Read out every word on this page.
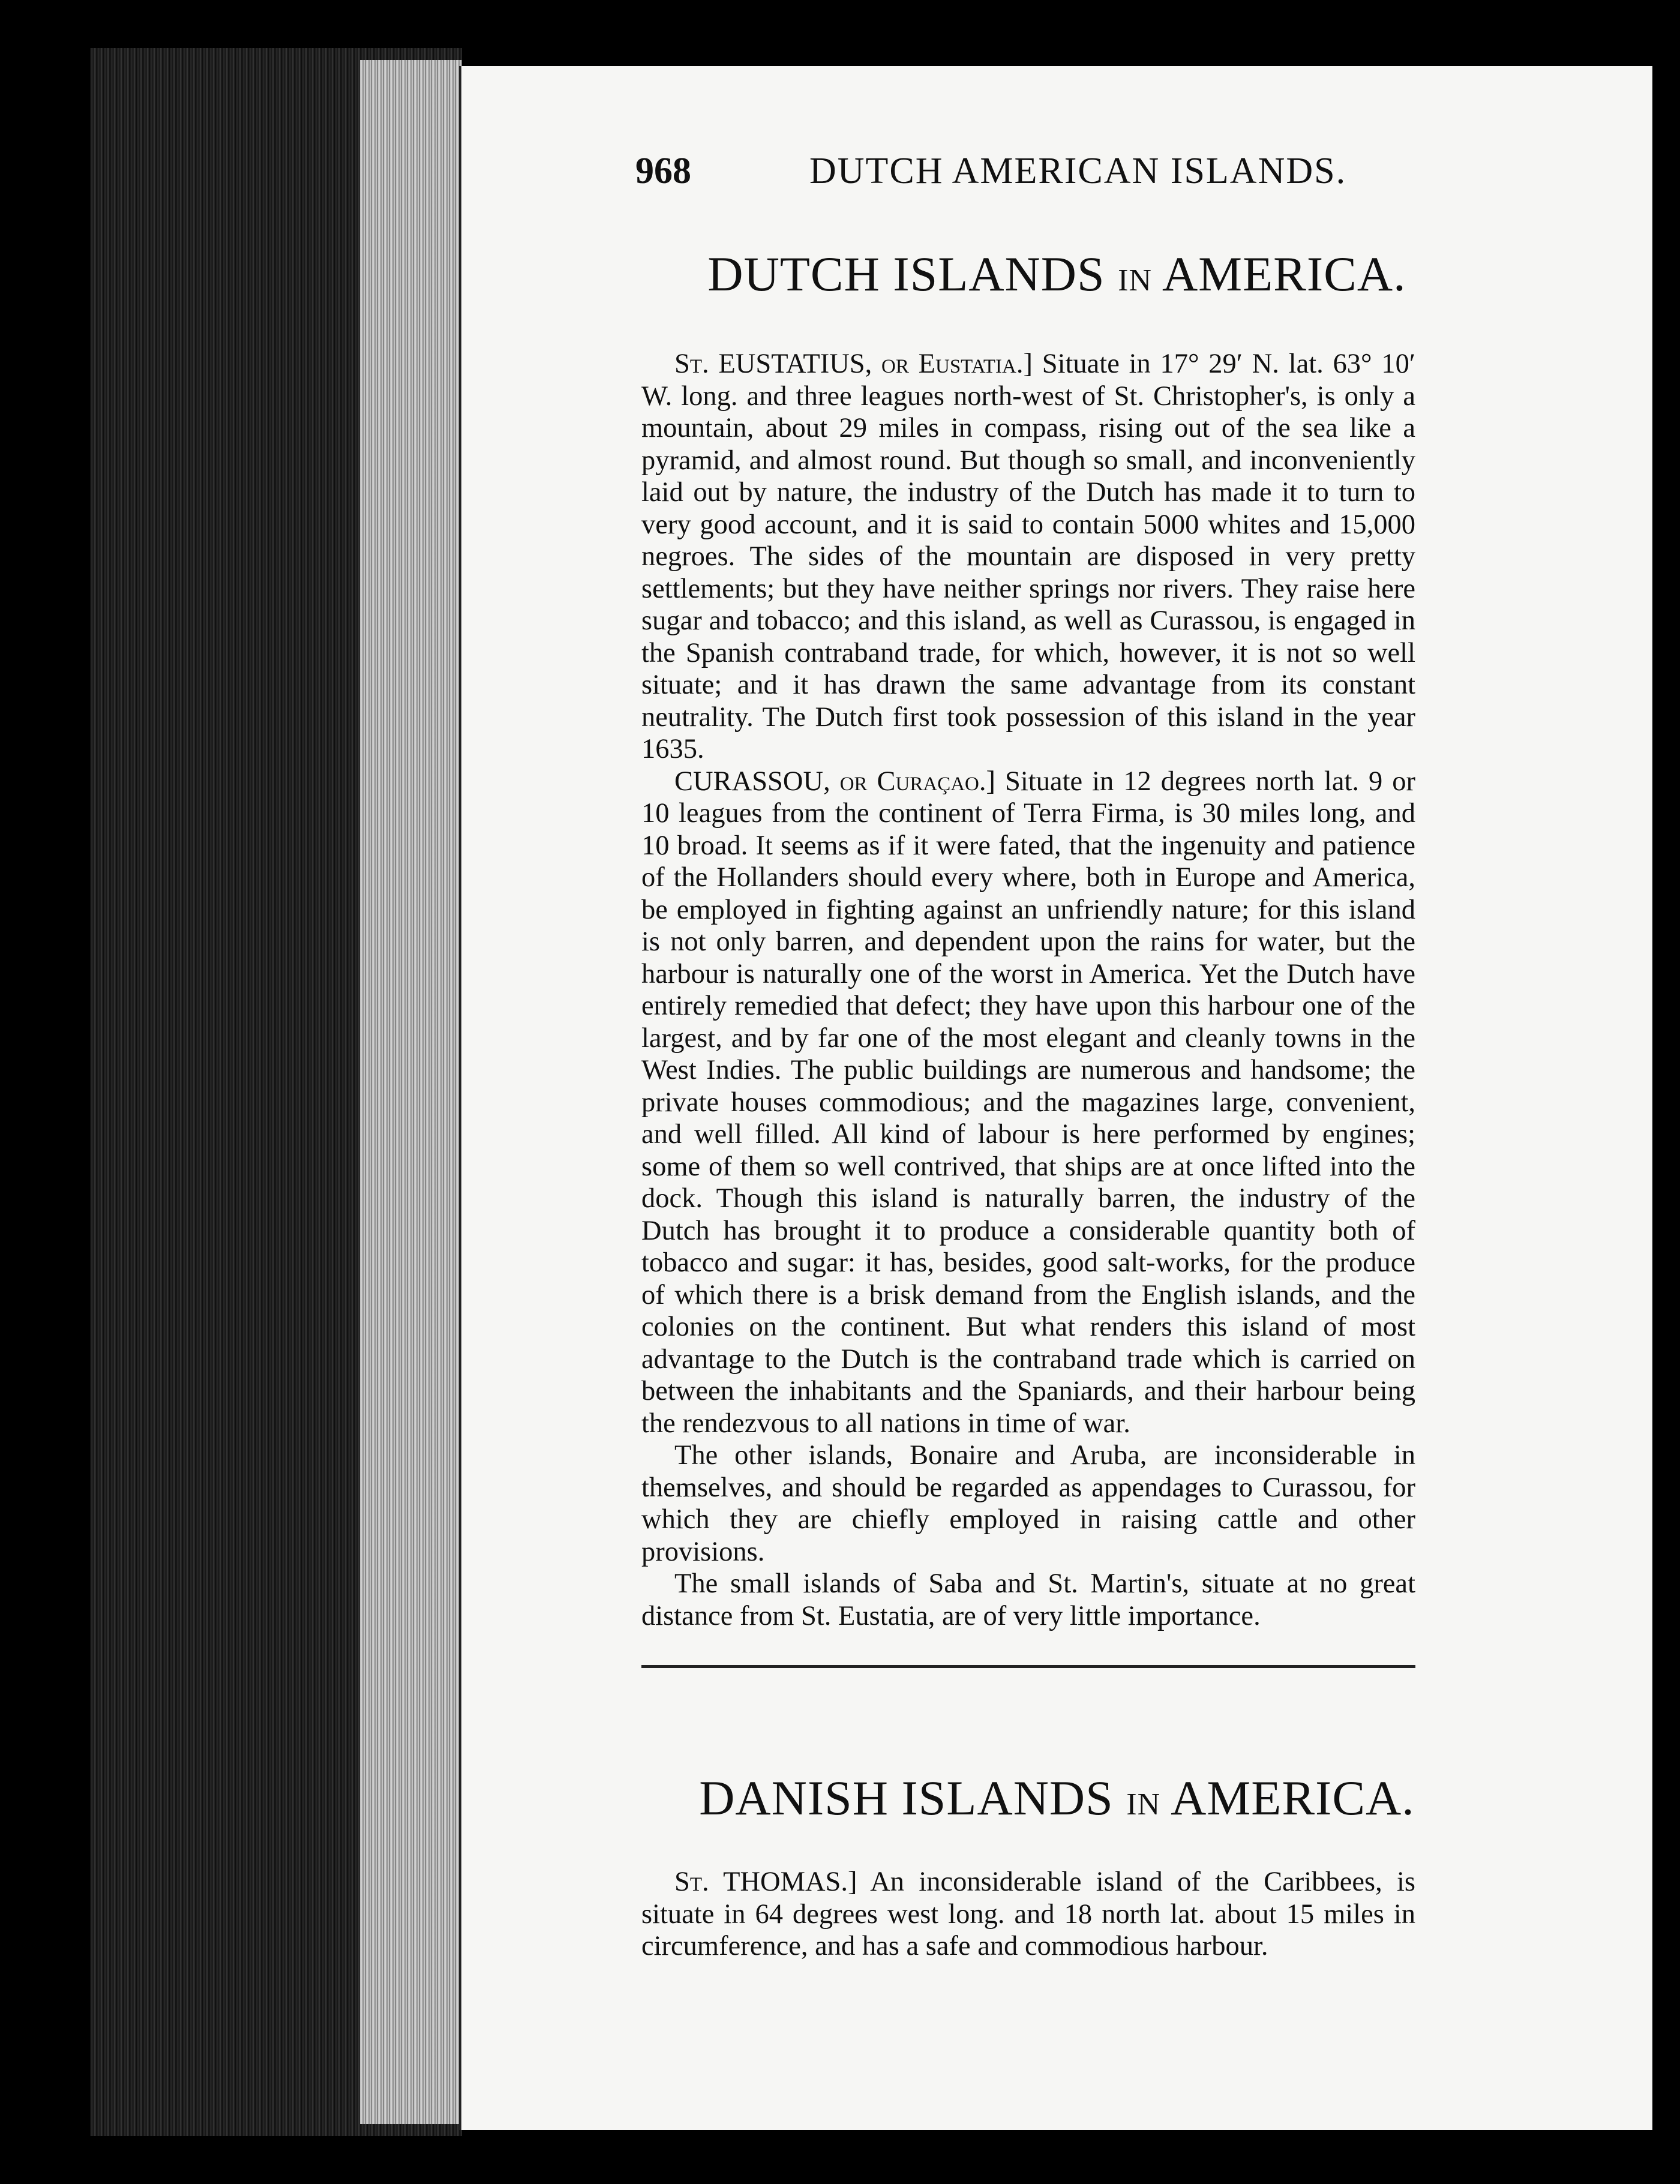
968	DUTCH AMERICAN ISLANDS.
DUTCH ISLANDS IN AMERICA.

St. EUSTATIUS, or Eustatia.] Situate in 17° 29′ N. lat. 63° 10′ W. long. and three leagues north-west of St. Christopher's, is only a mountain, about 29 miles in compass, rising out of the sea like a pyramid, and almost round. But though so small, and inconveniently laid out by nature, the industry of the Dutch has made it to turn to very good account, and it is said to contain 5000 whites and 15,000 negroes. The sides of the mountain are disposed in very pretty settlements; but they have neither springs nor rivers. They raise here sugar and tobacco; and this island, as well as Curassou, is engaged in the Spanish contraband trade, for which, however, it is not so well situate; and it has drawn the same advantage from its constant neutrality. The Dutch first took possession of this island in the year 1635.

CURASSOU, or Curaçao.] Situate in 12 degrees north lat. 9 or 10 leagues from the continent of Terra Firma, is 30 miles long, and 10 broad. It seems as if it were fated, that the ingenuity and patience of the Hollanders should every where, both in Europe and America, be employed in fighting against an unfriendly nature; for this island is not only barren, and dependent upon the rains for water, but the harbour is naturally one of the worst in America. Yet the Dutch have entirely remedied that defect; they have upon this harbour one of the largest, and by far one of the most elegant and cleanly towns in the West Indies. The public buildings are numerous and handsome; the private houses commodious; and the magazines large, convenient, and well filled. All kind of labour is here performed by engines; some of them so well contrived, that ships are at once lifted into the dock. Though this island is naturally barren, the industry of the Dutch has brought it to produce a considerable quantity both of tobacco and sugar: it has, besides, good salt-works, for the produce of which there is a brisk demand from the English islands, and the colonies on the continent. But what renders this island of most advantage to the Dutch is the contraband trade which is carried on between the inhabitants and the Spaniards, and their harbour being the rendezvous to all nations in time of war.

The other islands, Bonaire and Aruba, are inconsiderable in themselves, and should be regarded as appendages to Curassou, for which they are chiefly employed in raising cattle and other provisions.

The small islands of Saba and St. Martin's, situate at no great distance from St. Eustatia, are of very little importance.

DANISH ISLANDS IN AMERICA.

St. THOMAS.] An inconsiderable island of the Caribbees, is situate in 64 degrees west long. and 18 north lat. about 15 miles in circumference, and has a safe and commodious harbour.
